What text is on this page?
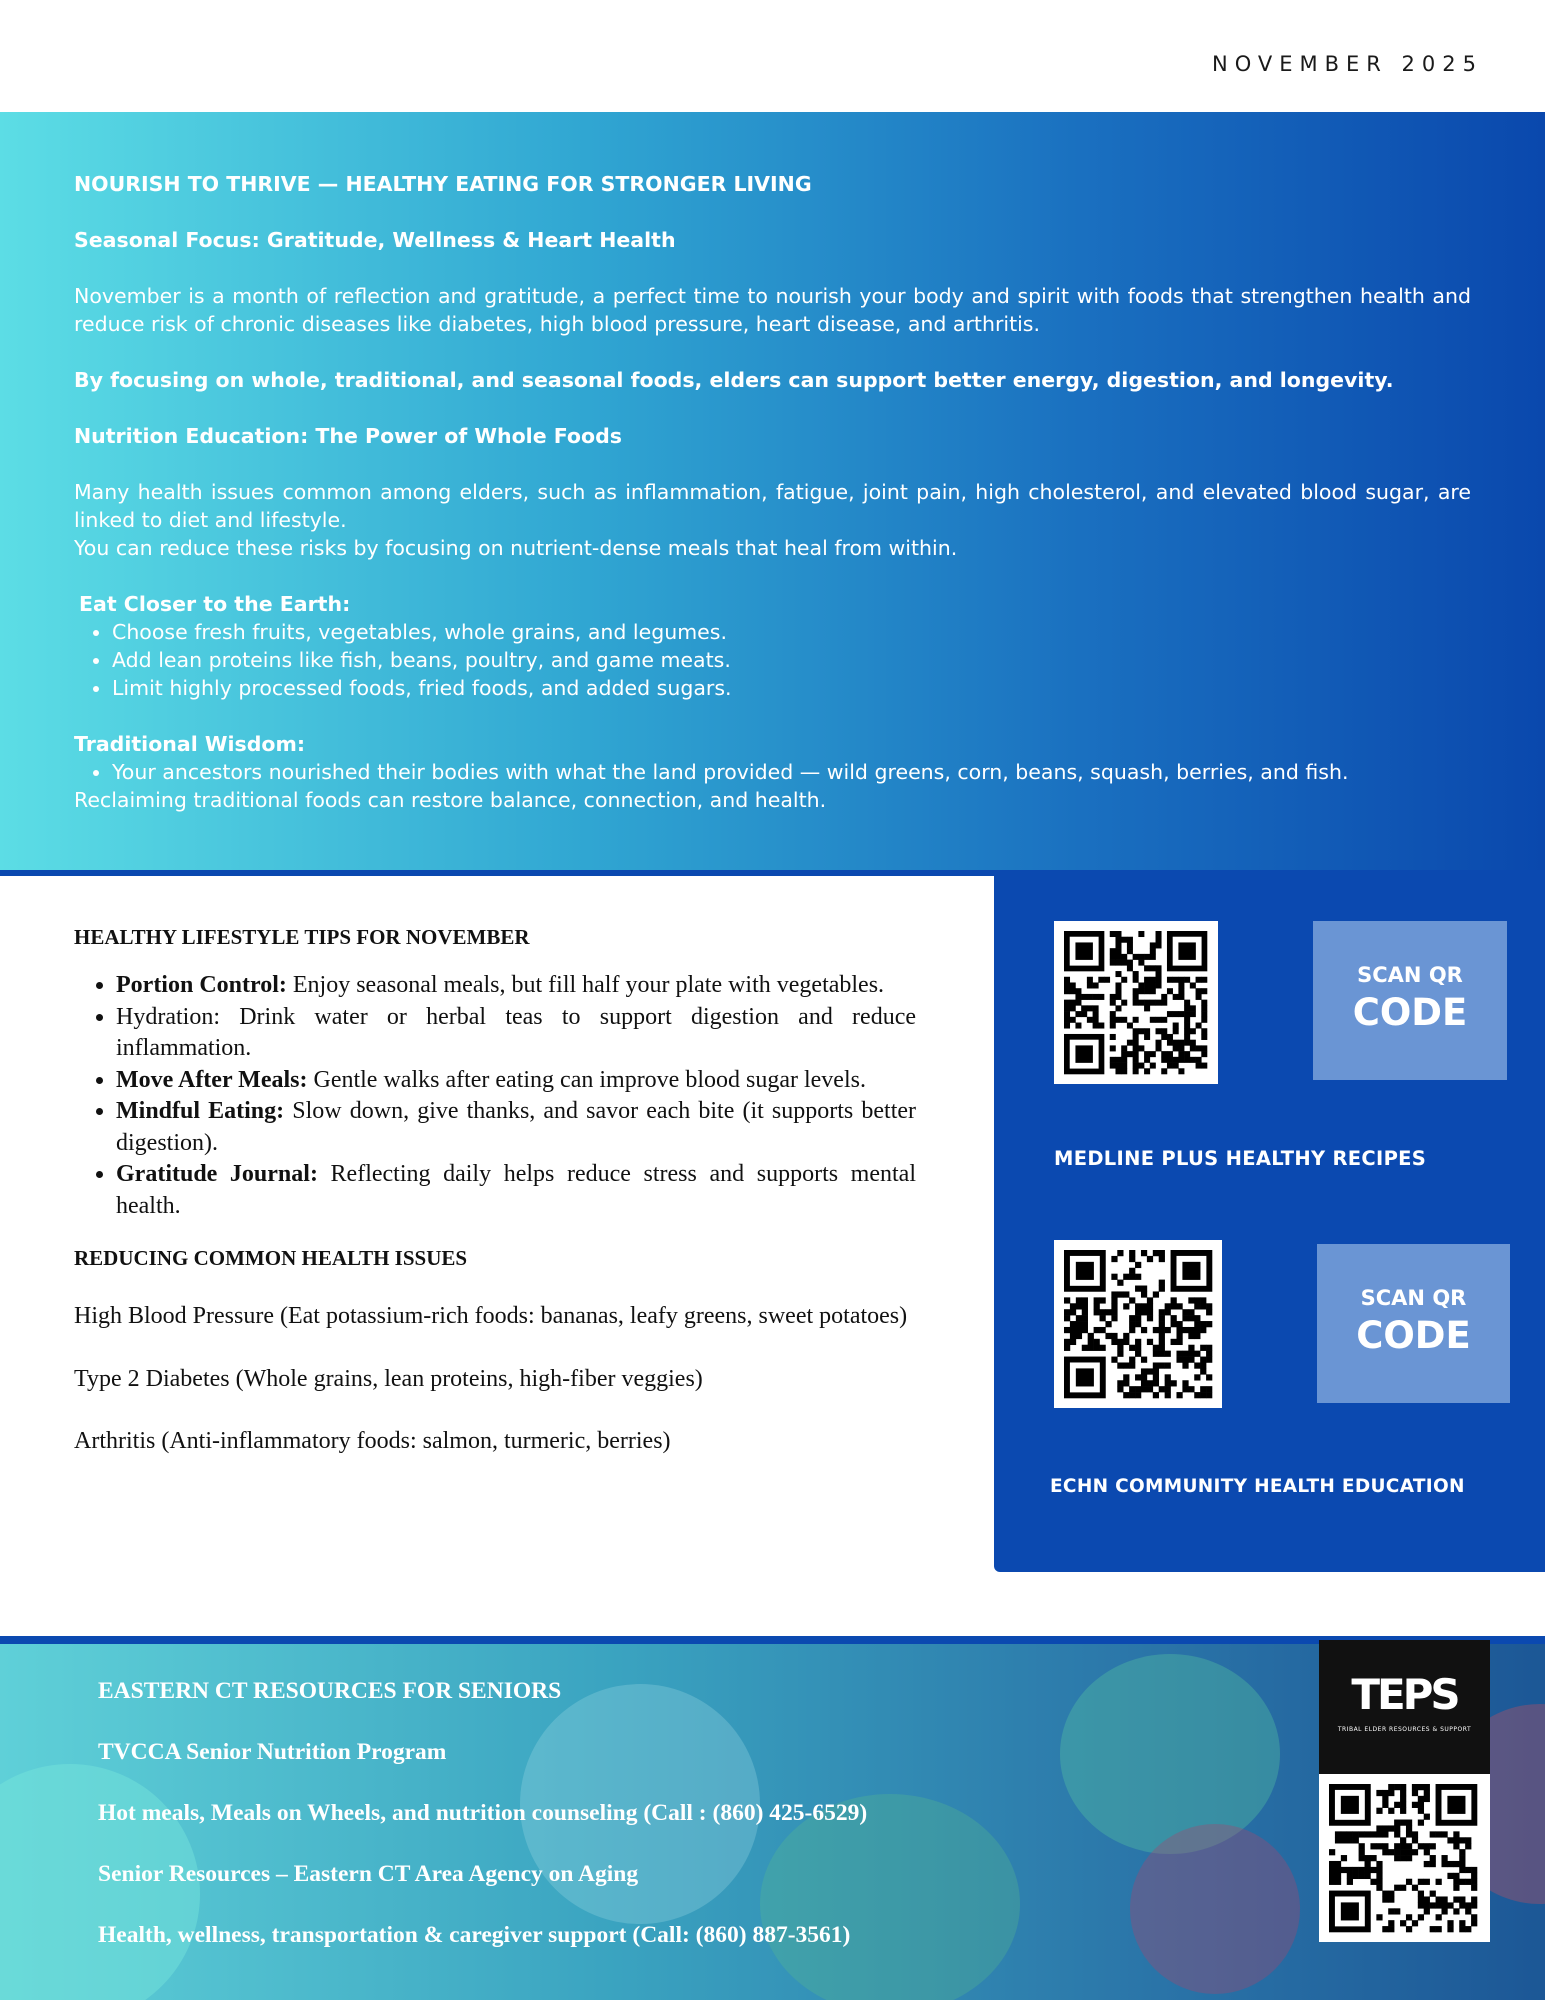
NOVEMBER 2025

NOURISH TO THRIVE — HEALTHY EATING FOR STRONGER LIVING

Seasonal Focus: Gratitude, Wellness & Heart Health

November is a month of reflection and gratitude, a perfect time to nourish your body and spirit with foods that strengthen health and reduce risk of chronic diseases like diabetes, high blood pressure, heart disease, and arthritis.

By focusing on whole, traditional, and seasonal foods, elders can support better energy, digestion, and longevity.

Nutrition Education: The Power of Whole Foods

Many health issues common among elders, such as inflammation, fatigue, joint pain, high cholesterol, and elevated blood sugar, are linked to diet and lifestyle.

You can reduce these risks by focusing on nutrient-dense meals that heal from within.

Eat Closer to the Earth:
• Choose fresh fruits, vegetables, whole grains, and legumes.
• Add lean proteins like fish, beans, poultry, and game meats.
• Limit highly processed foods, fried foods, and added sugars.
Traditional Wisdom:
• Your ancestors nourished their bodies with what the land provided — wild greens, corn, beans, squash, berries, and fish.
Reclaiming traditional foods can restore balance, connection, and health.
HEALTHY LIFESTYLE TIPS FOR NOVEMBER
• Portion Control: Enjoy seasonal meals, but fill half your plate with vegetables.
• Hydration: Drink water or herbal teas to support digestion and reduce inflammation.
• Move After Meals: Gentle walks after eating can improve blood sugar levels.
• Mindful Eating: Slow down, give thanks, and savor each bite (it supports better digestion).
• Gratitude Journal: Reflecting daily helps reduce stress and supports mental health.
REDUCING COMMON HEALTH ISSUES

High Blood Pressure (Eat potassium-rich foods: bananas, leafy greens, sweet potatoes)

Type 2 Diabetes (Whole grains, lean proteins, high-fiber veggies)

Arthritis (Anti-inflammatory foods: salmon, turmeric, berries)

SCAN QR
CODE
MEDLINE PLUS HEALTHY RECIPES
SCAN QR
CODE
ECHN COMMUNITY HEALTH EDUCATION
EASTERN CT RESOURCES FOR SENIORS
TVCCA Senior Nutrition Program
Hot meals, Meals on Wheels, and nutrition counseling (Call : (860) 425-6529)
Senior Resources – Eastern CT Area Agency on Aging
Health, wellness, transportation & caregiver support (Call: (860) 887-3561)
TEPS
TRIBAL ELDER RESOURCES & SUPPORT
